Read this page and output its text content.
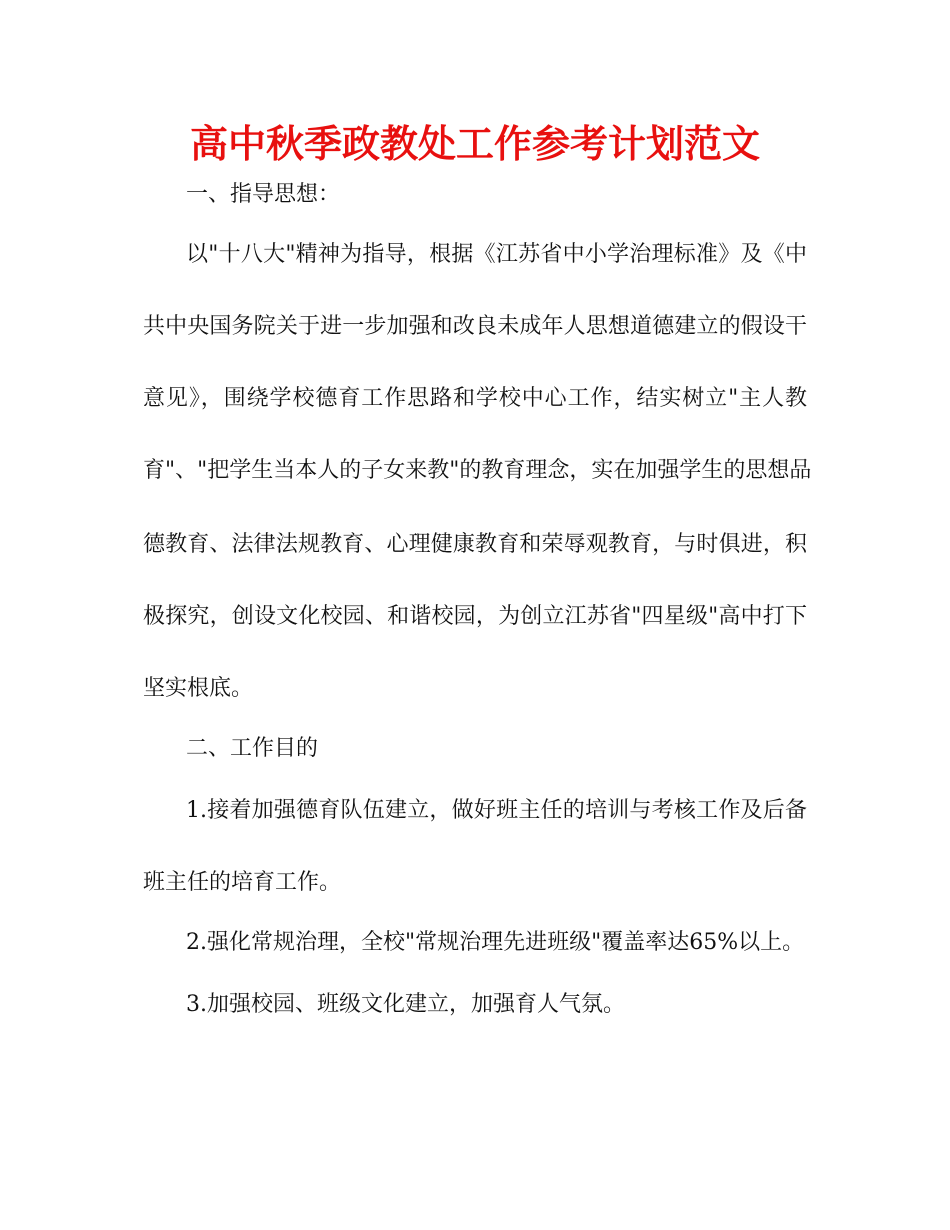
高中秋季政教处工作参考计划范文

一、指导思想：

以"十八大"精神为指导，根据《江苏省中小学治理标准》及《中

共中央国务院关于进一步加强和改良未成年人思想道德建立的假设干

意见》，围绕学校德育工作思路和学校中心工作，结实树立"主人教

育"、"把学生当本人的子女来教"的教育理念，实在加强学生的思想品

德教育、法律法规教育、心理健康教育和荣辱观教育，与时俱进，积

极探究，创设文化校园、和谐校园，为创立江苏省"四星级"高中打下

坚实根底。

二、工作目的

1.接着加强德育队伍建立，做好班主任的培训与考核工作及后备

班主任的培育工作。

2.强化常规治理，全校"常规治理先进班级"覆盖率达65%以上。

3.加强校园、班级文化建立，加强育人气氛。
